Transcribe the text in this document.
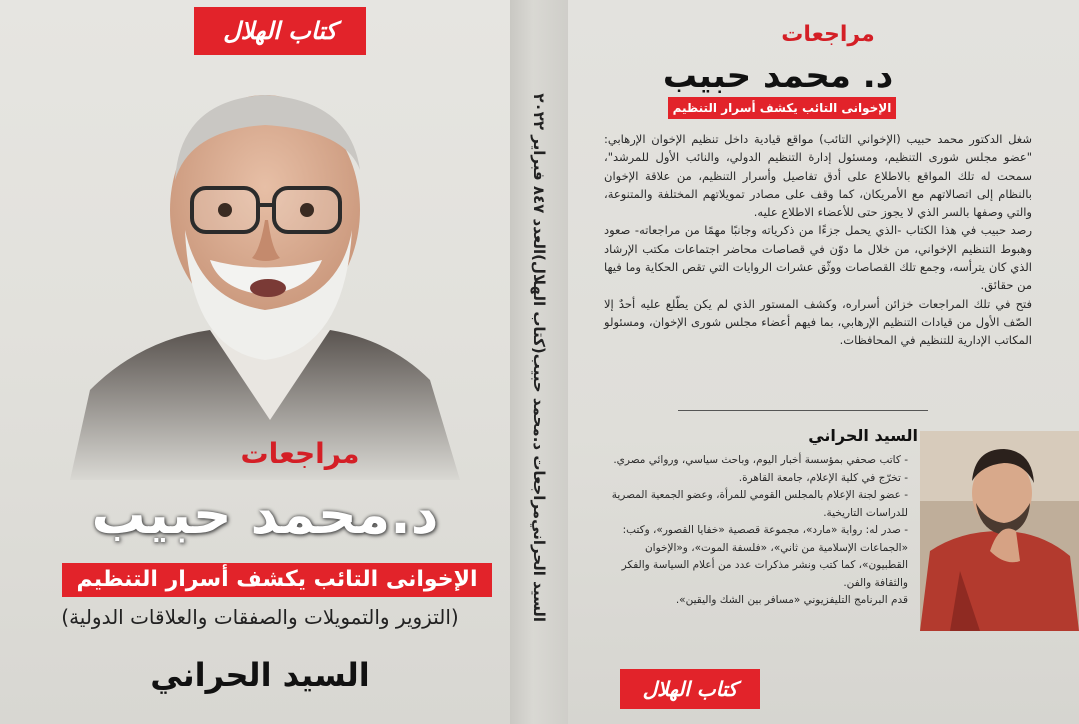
كتاب الهلال
مراجعات
د.محمد حبيب
الإخوانى التائب يكشف أسرار التنظيم
(التزوير والتمويلات والصفقات والعلاقات الدولية)
السيد الحراني
السيد الحراني
مراجعات د.محمد حبيب
(كتاب الهلال)
العدد ٨٤٧ فبراير ٢٠٢٢
مراجعات
د. محمد حبيب
الإخوانى التائب يكشف أسرار التنظيم

شغل الدكتور محمد حبيب (الإخواني التائب) مواقع قيادية داخل تنظيم الإخوان الإرهابي: "عضو مجلس شورى التنظيم، ومسئول إدارة التنظيم الدولي، والنائب الأول للمرشد"، سمحت له تلك المواقع بالاطلاع على أدق تفاصيل وأسرار التنظيم، من علاقة الإخوان بالنظام إلى اتصالاتهم مع الأمريكان، كما وقف على مصادر تمويلاتهم المختلفة والمتنوعة، والتي وصفها بالسر الذي لا يجوز حتى للأعضاء الاطلاع عليه.

رصد حبيب في هذا الكتاب -الذي يحمل جزءًا من ذكرياته وجانبًا مهمًا من مراجعاته- صعود وهبوط التنظيم الإخواني، من خلال ما دوّن في قصاصات محاضر اجتماعات مكتب الإرشاد الذي كان يترأسه، وجمع تلك القصاصات ووثّق عشرات الروايات التي تقص الحكاية وما فيها من حقائق.

فتح في تلك المراجعات خزائن أسراره، وكشف المستور الذي لم يكن يطّلع عليه أحدٌ إلا الصّف الأول من قيادات التنظيم الإرهابي، بما فيهم أعضاء مجلس شورى الإخوان، ومسئولو المكاتب الإدارية للتنظيم في المحافظات.

السيد الحراني

- كاتب صحفي بمؤسسة أخبار اليوم، وباحث سياسي، وروائي مصري.

- تخرّج في كلية الإعلام، جامعة القاهرة.

- عضو لجنة الإعلام بالمجلس القومي للمرأة، وعضو الجمعية المصرية للدراسات التاريخية.

- صدر له: رواية «مارد»، مجموعة قصصية «خفايا القصور»، وكتب: «الجماعات الإسلامية من ثاني»، «فلسفة الموت»، و«الإخوان القطبيون»، كما كتب ونشر مذكرات عدد من أعلام السياسة والفكر والثقافة والفن.

قدم البرنامج التليفزيوني «مسافر بين الشك واليقين».

كتاب الهلال
